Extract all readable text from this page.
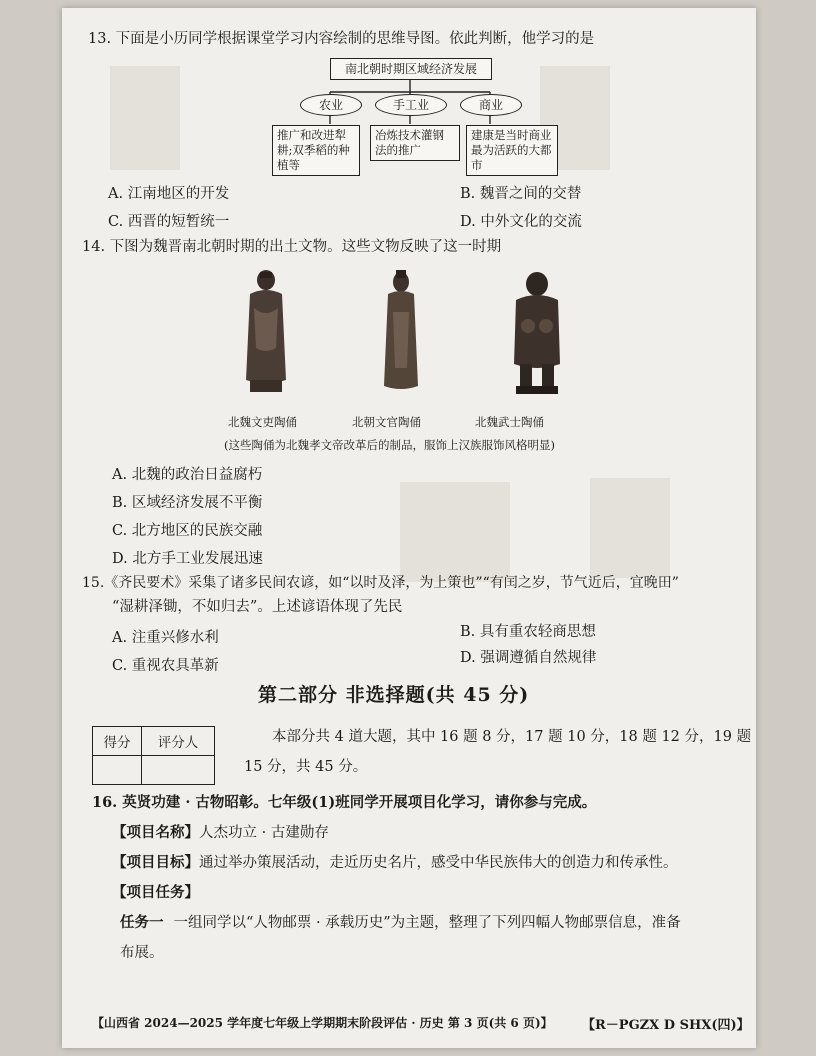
13. 下面是小历同学根据课堂学习内容绘制的思维导图。依此判断，他学习的是
南北朝时期区域经济发展
农业	手工业	商业
推广和改进犁耕;双季稻的种植等
冶炼技术灌钢法的推广
建康是当时商业最为活跃的大都市
A. 江南地区的开发	B. 魏晋之间的交替
C. 西晋的短暂统一	D. 中外文化的交流
14. 下图为魏晋南北朝时期的出土文物。这些文物反映了这一时期
北魏文吏陶俑	北朝文官陶俑	北魏武士陶俑
(这些陶俑为北魏孝文帝改革后的制品，服饰上汉族服饰风格明显)
A. 北魏的政治日益腐朽
B. 区域经济发展不平衡
C. 北方地区的民族交融
D. 北方手工业发展迅速
15.《齐民要术》采集了诸多民间农谚，如“以时及泽，为上策也”“有闰之岁，节气近后，宜晚田”
“湿耕泽锄，不如归去”。上述谚语体现了先民
A. 注重兴修水利	B. 具有重农轻商思想
C. 重视农具革新	D. 强调遵循自然规律
第二部分 非选择题(共 45 分)
得分	评分人
		本部分共 4 道大题，其中 16 题 8 分，17 题 10 分，18 题 12 分，19 题
15 分，共 45 分。
16. 英贤功建 · 古物昭彰。七年级(1)班同学开展项目化学习，请你参与完成。
【项目名称】人杰功立 · 古建勋存
【项目目标】通过举办策展活动，走近历史名片，感受中华民族伟大的创造力和传承性。
【项目任务】
任务一 一组同学以“人物邮票 · 承载历史”为主题，整理了下列四幅人物邮票信息，准备
布展。
【山西省 2024—2025 学年度七年级上学期期末阶段评估 · 历史 第 3 页(共 6 页)】 【R－PGZX D SHX(四)】
